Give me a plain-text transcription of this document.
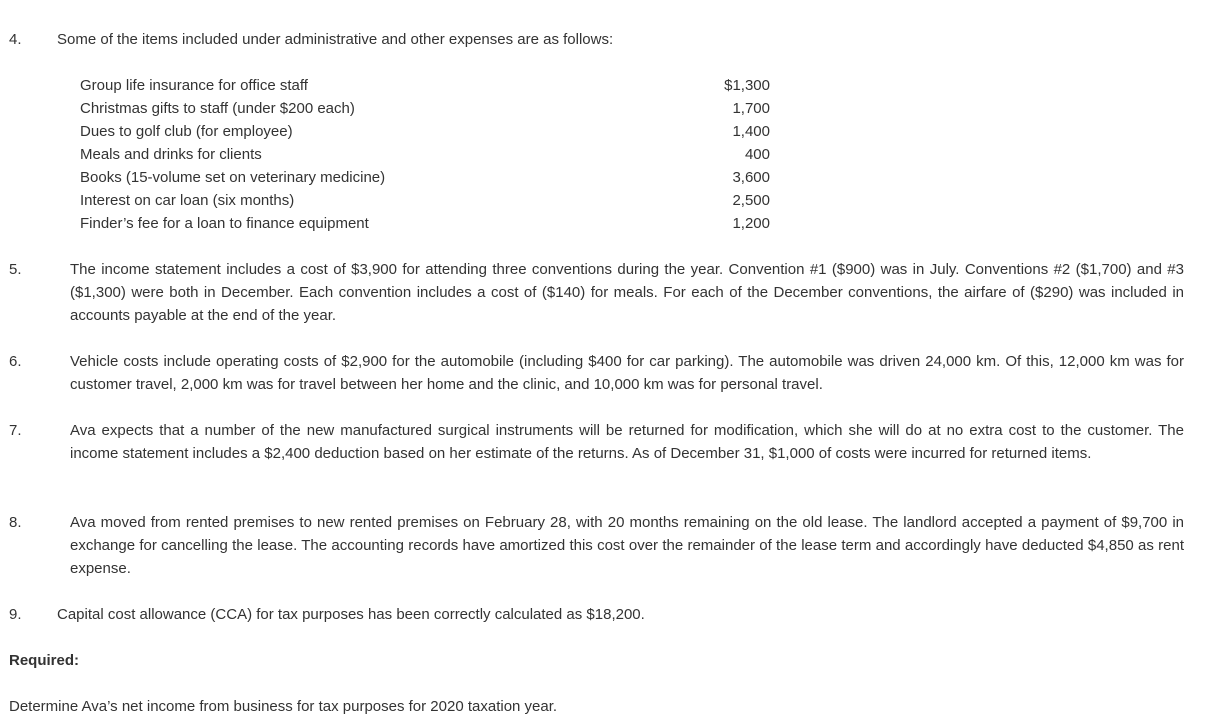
4. Some of the items included under administrative and other expenses are as follows:
Group life insurance for office staff	$1,300
Christmas gifts to staff (under $200 each)	1,700
Dues to golf club (for employee)	1,400
Meals and drinks for clients	400
Books (15-volume set on veterinary medicine)	3,600
Interest on car loan (six months)	2,500
Finder’s fee for a loan to finance equipment	1,200
5.	The income statement includes a cost of $3,900 for attending three conventions during the year. Convention #1 ($900) was in July. Conventions #2 ($1,700) and #3 ($1,300) were both in December. Each convention includes a cost of ($140) for meals. For each of the December conventions, the airfare of ($290) was included in accounts payable at the end of the year.
6.	Vehicle costs include operating costs of $2,900 for the automobile (including $400 for car parking). The automobile was driven 24,000 km. Of this, 12,000 km was for customer travel, 2,000 km was for travel between her home and the clinic, and 10,000 km was for personal travel.
7.	Ava expects that a number of the new manufactured surgical instruments will be returned for modification, which she will do at no extra cost to the customer. The income statement includes a $2,400 deduction based on her estimate of the returns. As of December 31, $1,000 of costs were incurred for returned items.
8.	Ava moved from rented premises to new rented premises on February 28, with 20 months remaining on the old lease. The landlord accepted a payment of $9,700 in exchange for cancelling the lease. The accounting records have amortized this cost over the remainder of the lease term and accordingly have deducted $4,850 as rent expense.
9. Capital cost allowance (CCA) for tax purposes has been correctly calculated as $18,200.
Required:
Determine Ava’s net income from business for tax purposes for 2020 taxation year.
